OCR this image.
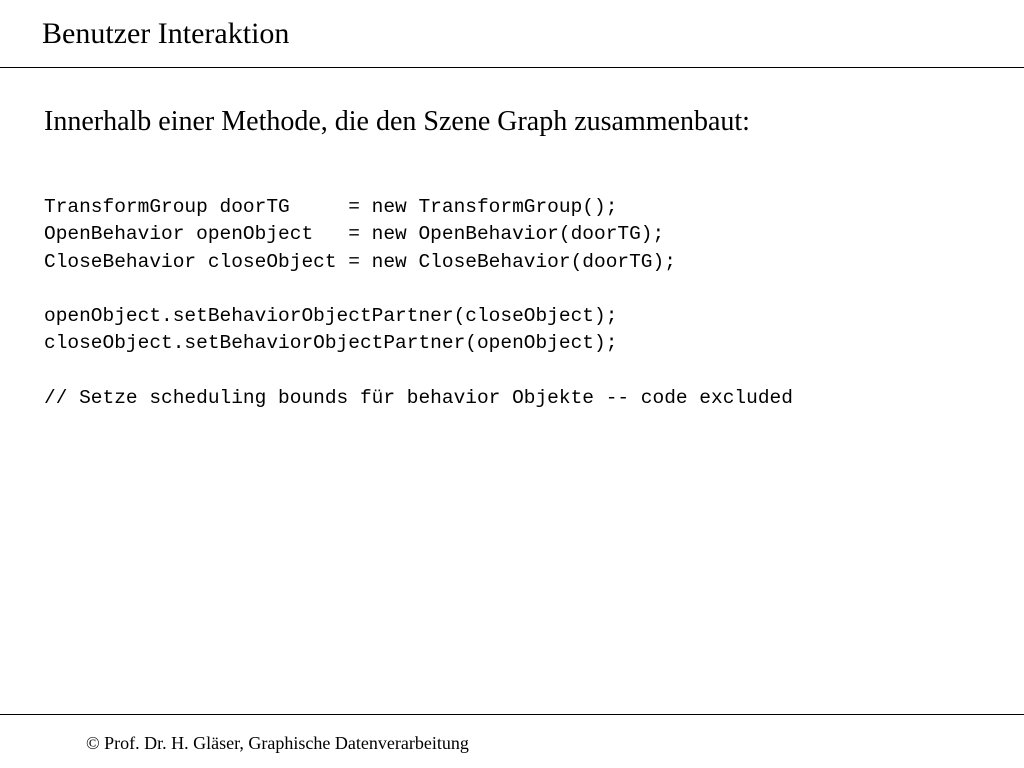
Benutzer Interaktion
Innerhalb einer Methode, die den Szene Graph zusammenbaut:
TransformGroup doorTG     = new TransformGroup();
OpenBehavior openObject   = new OpenBehavior(doorTG);
CloseBehavior closeObject = new CloseBehavior(doorTG);
openObject.setBehaviorObjectPartner(closeObject);
closeObject.setBehaviorObjectPartner(openObject);
// Setze scheduling bounds für behavior Objekte -- code excluded
© Prof. Dr. H. Gläser, Graphische Datenverarbeitung
